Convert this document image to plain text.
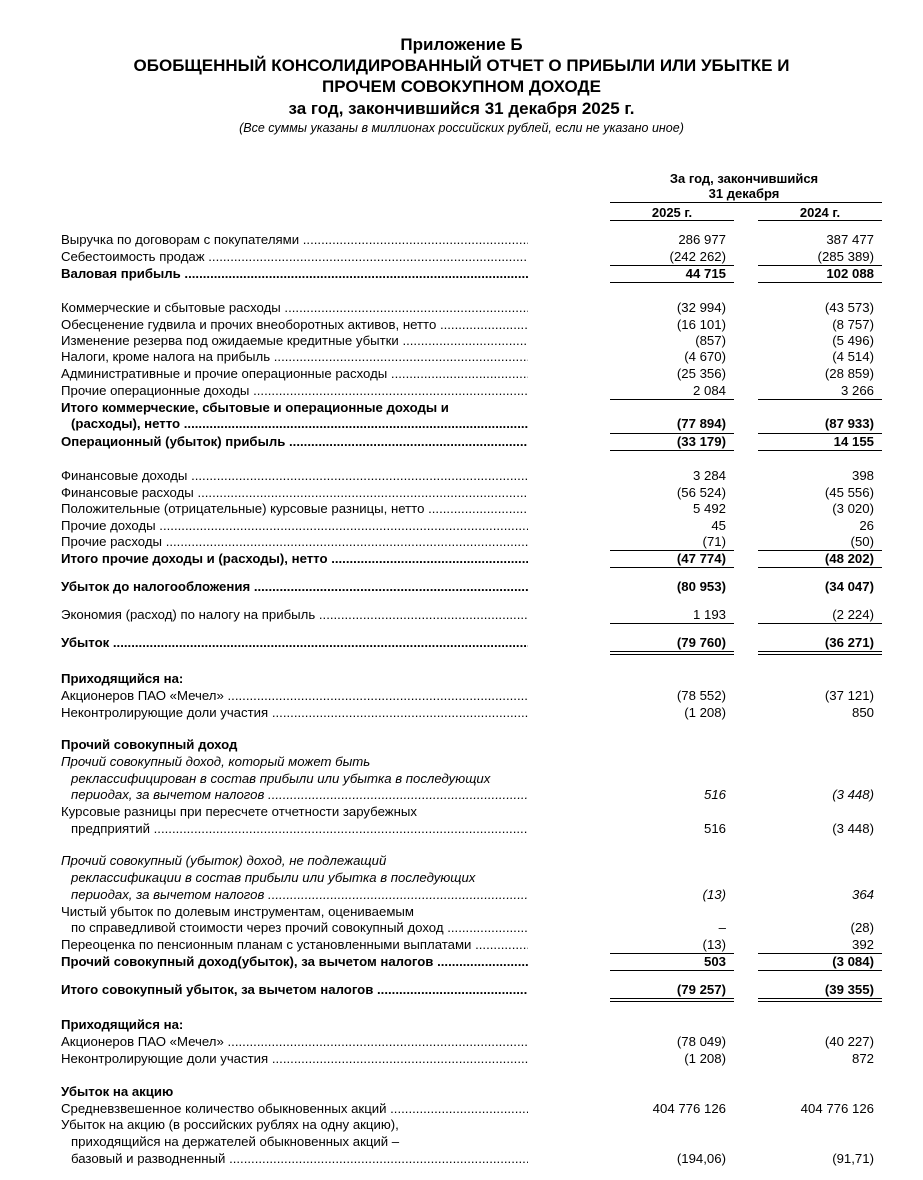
Приложение Б
ОБОБЩЕННЫЙ КОНСОЛИДИРОВАННЫЙ ОТЧЕТ О ПРИБЫЛИ ИЛИ УБЫТКЕ И
ПРОЧЕМ СОВОКУПНОМ ДОХОДЕ
за год, закончившийся 31 декабря 2025 г.
(Все суммы указаны в миллионах российских рублей, если не указано иное)
За год, закончившийся
31 декабря
2025 г.	2024 г.
Выручка по договорам с покупателями .....	286 977	387 477
Себестоимость продаж .....	(242 262)	(285 389)
Валовая прибыль .....	44 715	102 088
Коммерческие и сбытовые расходы .....	(32 994)	(43 573)
Обесценение гудвила и прочих внеоборотных активов, нетто .....	(16 101)	(8 757)
Изменение резерва под ожидаемые кредитные убытки .....	(857)	(5 496)
Налоги, кроме налога на прибыль .....	(4 670)	(4 514)
Административные и прочие операционные расходы .....	(25 356)	(28 859)
Прочие операционные доходы .....	2 084	3 266
Итого коммерческие, сбытовые и операционные доходы и
(расходы), нетто .....	(77 894)	(87 933)
Операционный (убыток) прибыль .....	(33 179)	14 155
Финансовые доходы .....	3 284	398
Финансовые расходы .....	(56 524)	(45 556)
Положительные (отрицательные) курсовые разницы, нетто .....	5 492	(3 020)
Прочие доходы .....	45	26
Прочие расходы .....	(71)	(50)
Итого прочие доходы и (расходы), нетто .....	(47 774)	(48 202)
Убыток до налогообложения .....	(80 953)	(34 047)
Экономия (расход) по налогу на прибыль .....	1 193	(2 224)
Убыток .....	(79 760)	(36 271)
Приходящийся на:
Акционеров ПАО «Мечел» .....	(78 552)	(37 121)
Неконтролирующие доли участия .....	(1 208)	850
Прочий совокупный доход
Прочий совокупный доход, который может быть
реклассифицирован в состав прибыли или убытка в последующих
периодах, за вычетом налогов .....	516	(3 448)
Курсовые разницы при пересчете отчетности зарубежных
предприятий .....	516	(3 448)
Прочий совокупный (убыток) доход, не подлежащий
реклассификации в состав прибыли или убытка в последующих
периодах, за вычетом налогов .....	(13)	364
Чистый убыток по долевым инструментам, оцениваемым
по справедливой стоимости через прочий совокупный доход .....	–	(28)
Переоценка по пенсионным планам с установленными выплатами .....	(13)	392
Прочий совокупный доход(убыток), за вычетом налогов .....	503	(3 084)
Итого совокупный убыток, за вычетом налогов .....	(79 257)	(39 355)
Приходящийся на:
Акционеров ПАО «Мечел» .....	(78 049)	(40 227)
Неконтролирующие доли участия .....	(1 208)	872
Убыток на акцию
Средневзвешенное количество обыкновенных акций .....	404 776 126	404 776 126
Убыток на акцию (в российских рублях на одну акцию),
приходящийся на держателей обыкновенных акций –
базовый и разводненный .....	(194,06)	(91,71)
